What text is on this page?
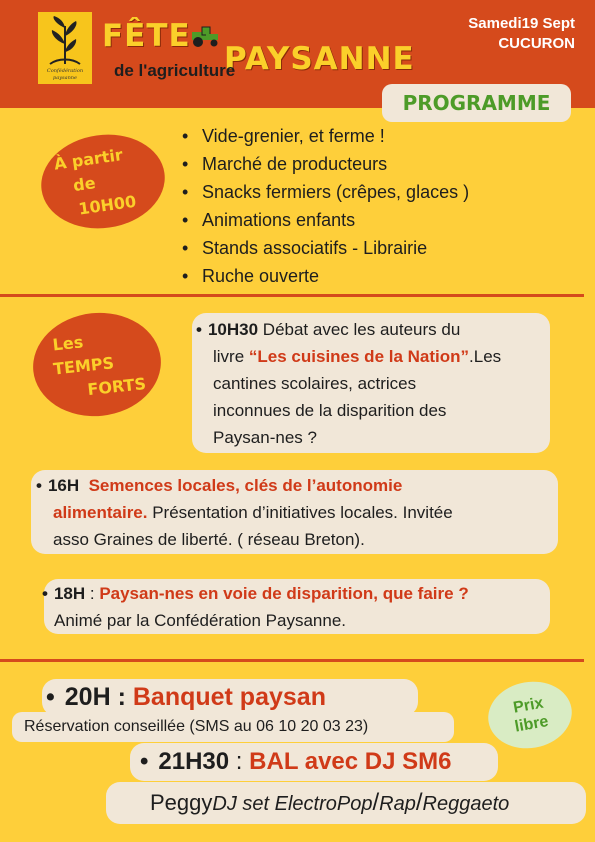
Confédération
paysanne
FÊTE
PAYSANNE
de l'agriculture
Samedi19 Sept
CUCURON
PROGRAMME
À partir
de
10H00
• Vide-grenier, et ferme !
• Marché de producteurs
• Snacks fermiers (crêpes, glaces )
• Animations enfants
• Stands associatifs - Librairie
• Ruche ouverte
Les
TEMPS
FORTS
• 10H30 Débat avec les auteurs du
livre “Les cuisines de la Nation”.Les
cantines scolaires, actrices
inconnues de la disparition des
Paysan-nes ?
• 16H Semences locales, clés de l’autonomie
alimentaire. Présentation d’initiatives locales. Invitée
asso Graines de liberté. ( réseau Breton).
• 18H : Paysan-nes en voie de disparition, que faire ?
Animé par la Confédération Paysanne.
• 20H : Banquet paysan
Réservation conseillée (SMS au 06 10 20 03 23)
Prix
libre
• 21H30 : BAL avec DJ SM6
PeggyDJ set ElectroPop/Rap/Reggaeto
